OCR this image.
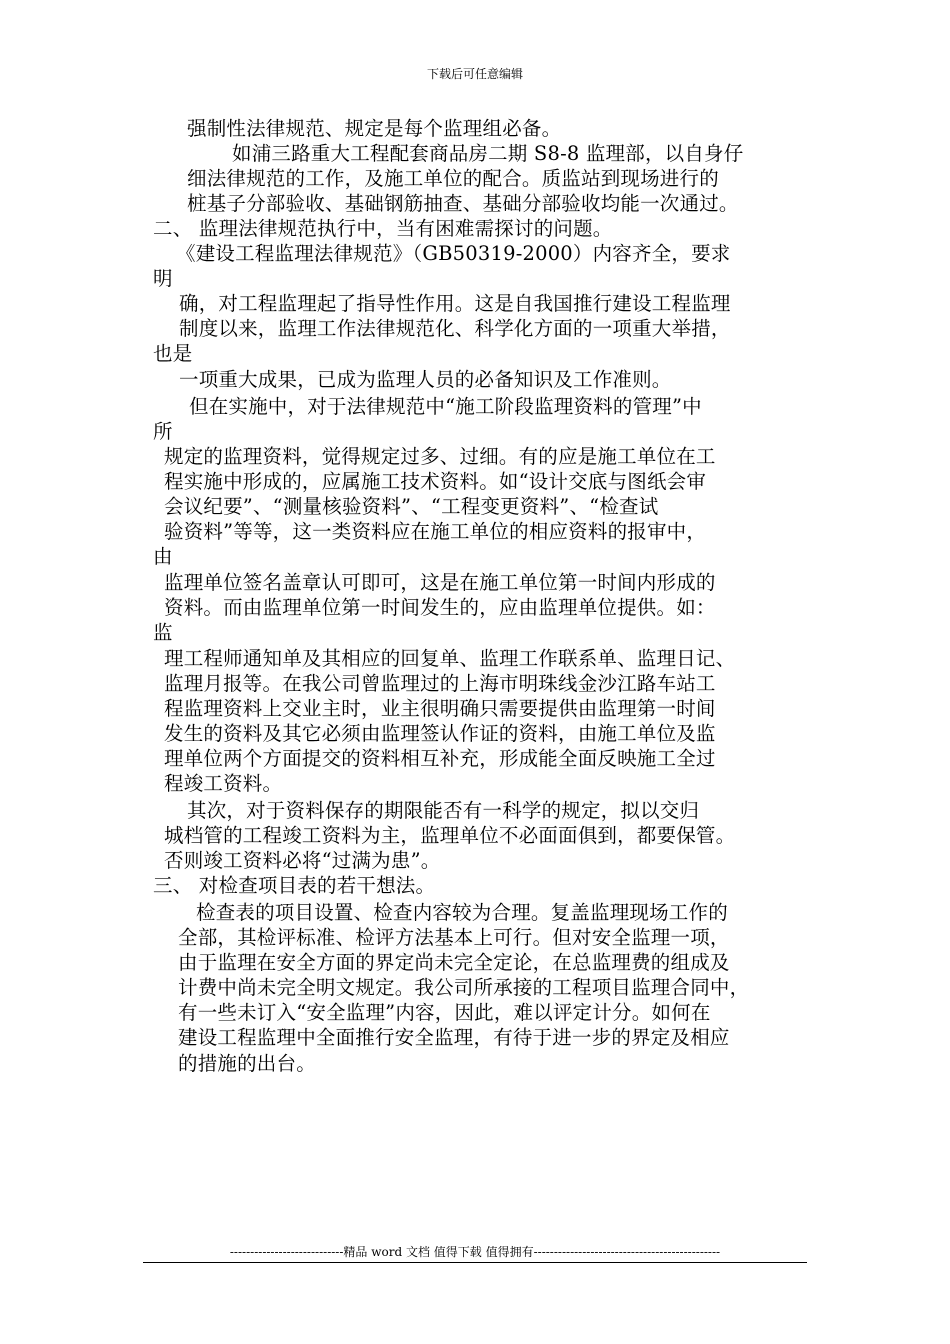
下载后可任意编辑
强制性法律规范、规定是每个监理组必备。
如浦三路重大工程配套商品房二期 S8-8 监理部，以自身仔
细法律规范的工作，及施工单位的配合。质监站到现场进行的
桩基子分部验收、基础钢筋抽查、基础分部验收均能一次通过。
二、 监理法律规范执行中，当有困难需探讨的问题。
《建设工程监理法律规范》（GB50319-2000）内容齐全，要求
明
确，对工程监理起了指导性作用。这是自我国推行建设工程监理
制度以来，监理工作法律规范化、科学化方面的一项重大举措，
也是
一项重大成果，已成为监理人员的必备知识及工作准则。
但在实施中，对于法律规范中“施工阶段监理资料的管理”中
所
规定的监理资料，觉得规定过多、过细。有的应是施工单位在工
程实施中形成的，应属施工技术资料。如“设计交底与图纸会审
会议纪要”、“测量核验资料”、“工程变更资料”、“检查试
验资料”等等，这一类资料应在施工单位的相应资料的报审中，
由
监理单位签名盖章认可即可，这是在施工单位第一时间内形成的
资料。而由监理单位第一时间发生的，应由监理单位提供。如：
监
理工程师通知单及其相应的回复单、监理工作联系单、监理日记、
监理月报等。在我公司曾监理过的上海市明珠线金沙江路车站工
程监理资料上交业主时，业主很明确只需要提供由监理第一时间
发生的资料及其它必须由监理签认作证的资料，由施工单位及监
理单位两个方面提交的资料相互补充，形成能全面反映施工全过
程竣工资料。
其次，对于资料保存的期限能否有一科学的规定，拟以交归
城档管的工程竣工资料为主，监理单位不必面面俱到，都要保管。
否则竣工资料必将“过满为患”。
三、 对检查项目表的若干想法。
检查表的项目设置、检查内容较为合理。复盖监理现场工作的
全部，其检评标准、检评方法基本上可行。但对安全监理一项，
由于监理在安全方面的界定尚未完全定论，在总监理费的组成及
计费中尚未完全明文规定。我公司所承接的工程项目监理合同中，
有一些未订入“安全监理”内容，因此，难以评定计分。如何在
建设工程监理中全面推行安全监理，有待于进一步的界定及相应
的措施的出台。
----------------------------精品 word 文档 值得下载 值得拥有----------------------------------------------
